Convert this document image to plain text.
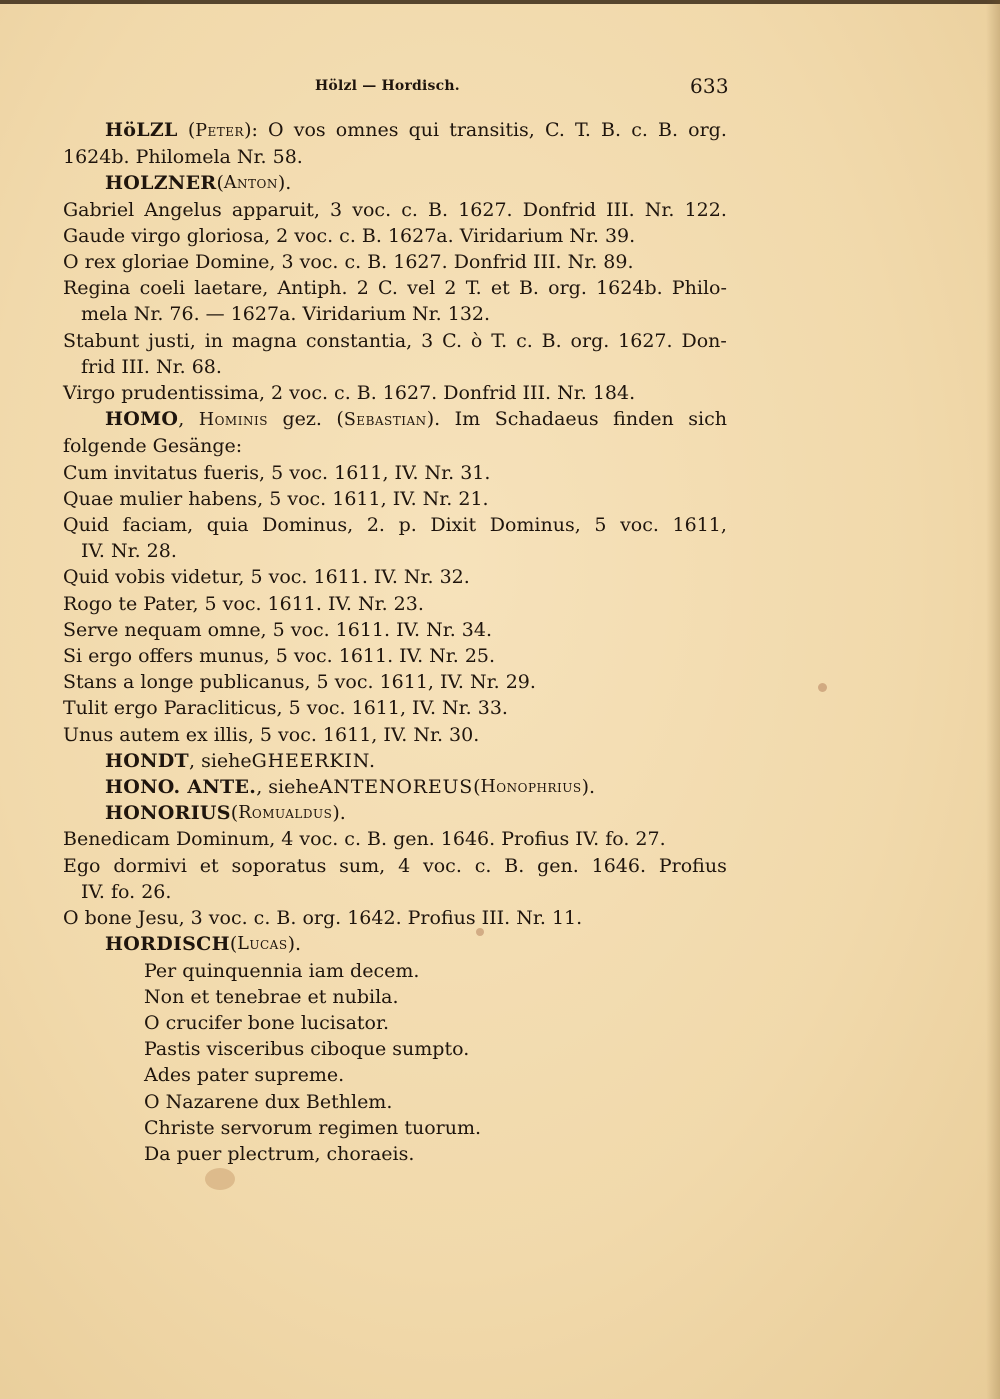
Hölzl — Hordisch.	633
HöLZL (Peter): O vos omnes qui transitis, C. T. B. c. B. org.
1624b. Philomela Nr. 58.
HOLZNER ( Anton ).
Gabriel Angelus apparuit, 3 voc. c. B. 1627. Donfrid III. Nr. 122.
Gaude virgo gloriosa, 2 voc. c. B. 1627a. Viridarium Nr. 39.
O rex gloriae Domine, 3 voc. c. B. 1627. Donfrid III. Nr. 89.
Regina coeli laetare, Antiph. 2 C. vel 2 T. et B. org. 1624b. Philo-
mela Nr. 76. — 1627a. Viridarium Nr. 132.
Stabunt justi, in magna constantia, 3 C. ò T. c. B. org. 1627. Don-
frid III. Nr. 68.
Virgo prudentissima, 2 voc. c. B. 1627. Donfrid III. Nr. 184.
HOMO, Hominis gez. (Sebastian). Im Schadaeus finden sich
folgende Gesänge:
Cum invitatus fueris, 5 voc. 1611, IV. Nr. 31.
Quae mulier habens, 5 voc. 1611, IV. Nr. 21.
Quid faciam, quia Dominus, 2. p. Dixit Dominus, 5 voc. 1611,
IV. Nr. 28.
Quid vobis videtur, 5 voc. 1611. IV. Nr. 32.
Rogo te Pater, 5 voc. 1611. IV. Nr. 23.
Serve nequam omne, 5 voc. 1611. IV. Nr. 34.
Si ergo offers munus, 5 voc. 1611. IV. Nr. 25.
Stans a longe publicanus, 5 voc. 1611, IV. Nr. 29.
Tulit ergo Paracliticus, 5 voc. 1611, IV. Nr. 33.
Unus autem ex illis, 5 voc. 1611, IV. Nr. 30.
HONDT , siehe GHEERKIN.
HONO. ANTE. , siehe ANTENOREUS ( Honophrius ).
HONORIUS ( Romualdus ).
Benedicam Dominum, 4 voc. c. B. gen. 1646. Profius IV. fo. 27.
Ego dormivi et soporatus sum, 4 voc. c. B. gen. 1646. Profius
IV. fo. 26.
O bone Jesu, 3 voc. c. B. org. 1642. Profius III. Nr. 11.
HORDISCH ( Lucas ).
Per quinquennia iam decem.
Non et tenebrae et nubila.
O crucifer bone lucisator.
Pastis visceribus ciboque sumpto.
Ades pater supreme.
O Nazarene dux Bethlem.
Christe servorum regimen tuorum.
Da puer plectrum, choraeis.
